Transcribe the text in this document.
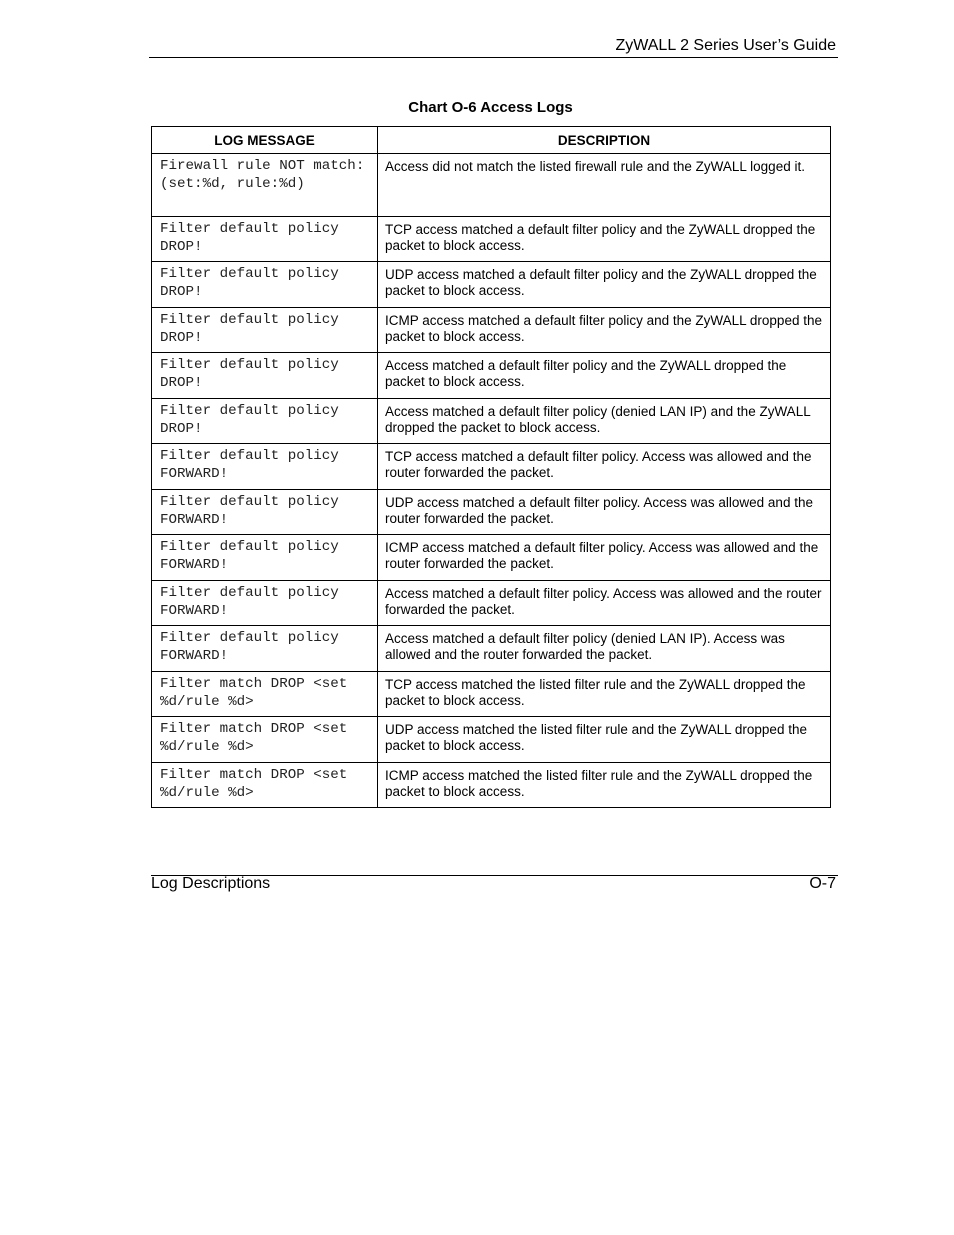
ZyWALL 2 Series User’s Guide
Chart O-6 Access Logs
LOG MESSAGE	DESCRIPTION
Firewall rule NOT match: (set:%d, rule:%d)	Access did not match the listed firewall rule and the ZyWALL logged it.
Filter default policy DROP!	TCP access matched a default filter policy and the ZyWALL dropped the packet to block access.
Filter default policy DROP!	UDP access matched a default filter policy and the ZyWALL dropped the packet to block access.
Filter default policy DROP!	ICMP access matched a default filter policy and the ZyWALL dropped the packet to block access.
Filter default policy DROP!	Access matched a default filter policy and the ZyWALL dropped the packet to block access.
Filter default policy DROP!	Access matched a default filter policy (denied LAN IP) and the ZyWALL dropped the packet to block access.
Filter default policy FORWARD!	TCP access matched a default filter policy. Access was allowed and the router forwarded the packet.
Filter default policy FORWARD!	UDP access matched a default filter policy. Access was allowed and the router forwarded the packet.
Filter default policy FORWARD!	ICMP access matched a default filter policy. Access was allowed and the router forwarded the packet.
Filter default policy FORWARD!	Access matched a default filter policy. Access was allowed and the router forwarded the packet.
Filter default policy FORWARD!	Access matched a default filter policy (denied LAN IP). Access was allowed and the router forwarded the packet.
Filter match DROP <set %d/rule %d>	TCP access matched the listed filter rule and the ZyWALL dropped the packet to block access.
Filter match DROP <set %d/rule %d>	UDP access matched the listed filter rule and the ZyWALL dropped the packet to block access.
Filter match DROP <set %d/rule %d>	ICMP access matched the listed filter rule and the ZyWALL dropped the packet to block access.
Log Descriptions	O-7
